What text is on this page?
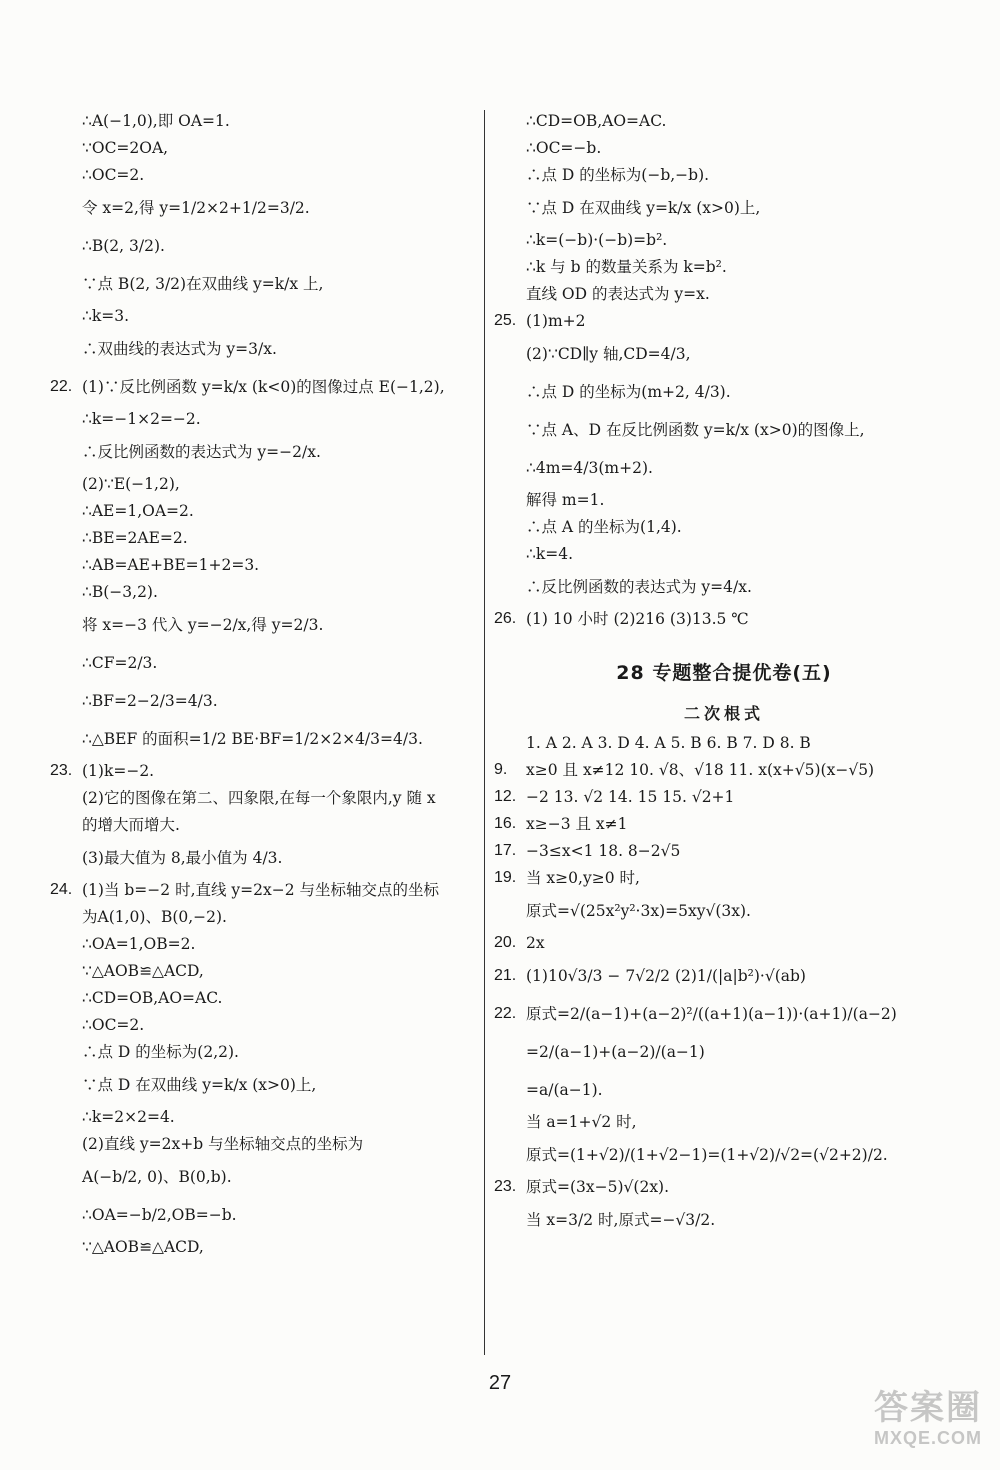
∴A(−1,0),即 OA=1.
∵OC=2OA,
∴OC=2.
令 x=2,得 y=1/2×2+1/2=3/2.
∴B(2, 3/2).
∵点 B(2, 3/2)在双曲线 y=k/x 上,
∴k=3.
∴双曲线的表达式为 y=3/x.
22. (1)∵反比例函数 y=k/x (k<0)的图像过点 E(−1,2),
∴k=−1×2=−2.
∴反比例函数的表达式为 y=−2/x.
(2)∵E(−1,2),
∴AE=1,OA=2.
∴BE=2AE=2.
∴AB=AE+BE=1+2=3.
∴B(−3,2).
将 x=−3 代入 y=−2/x,得 y=2/3.
∴CF=2/3.
∴BF=2−2/3=4/3.
∴△BEF 的面积=1/2 BE·BF=1/2×2×4/3=4/3.
23. (1)k=−2.
(2)它的图像在第二、四象限,在每一个象限内,y 随 x
的增大而增大.
(3)最大值为 8,最小值为 4/3.
24. (1)当 b=−2 时,直线 y=2x−2 与坐标轴交点的坐标
为A(1,0)、B(0,−2).
∴OA=1,OB=2.
∵△AOB≌△ACD,
∴CD=OB,AO=AC.
∴OC=2.
∴点 D 的坐标为(2,2).
∵点 D 在双曲线 y=k/x (x>0)上,
∴k=2×2=4.
(2)直线 y=2x+b 与坐标轴交点的坐标为
A(−b/2, 0)、B(0,b).
∴OA=−b/2,OB=−b.
∵△AOB≌△ACD,
∴CD=OB,AO=AC.
∴OC=−b.
∴点 D 的坐标为(−b,−b).
∵点 D 在双曲线 y=k/x (x>0)上,
∴k=(−b)·(−b)=b².
∴k 与 b 的数量关系为 k=b².
直线 OD 的表达式为 y=x.
25. (1)m+2
(2)∵CD∥y 轴,CD=4/3,
∴点 D 的坐标为(m+2, 4/3).
∵点 A、D 在反比例函数 y=k/x (x>0)的图像上,
∴4m=4/3(m+2).
解得 m=1.
∴点 A 的坐标为(1,4).
∴k=4.
∴反比例函数的表达式为 y=4/x.
26. (1) 10 小时 (2)216 (3)13.5 ℃
28 专题整合提优卷(五)
二次根式
1. A 2. A 3. D 4. A 5. B 6. B 7. D 8. B
9. x≥0 且 x≠12 10. √8、√18 11. x(x+√5)(x−√5)
12. −2 13. √2 14. 15 15. √2+1
16. x≥−3 且 x≠1
17. −3≤x<1 18. 8−2√5
19. 当 x≥0,y≥0 时,
原式=√(25x²y²·3x)=5xy√(3x).
20. 2x
21. (1)10√3/3 − 7√2/2 (2)1/(|a|b²)·√(ab)
22. 原式=2/(a−1)+(a−2)²/((a+1)(a−1))·(a+1)/(a−2)
=2/(a−1)+(a−2)/(a−1)
=a/(a−1).
当 a=1+√2 时,
原式=(1+√2)/(1+√2−1)=(1+√2)/√2=(√2+2)/2.
23. 原式=(3x−5)√(2x).
当 x=3/2 时,原式=−√3/2.
27
答案圈
MXQE.COM
